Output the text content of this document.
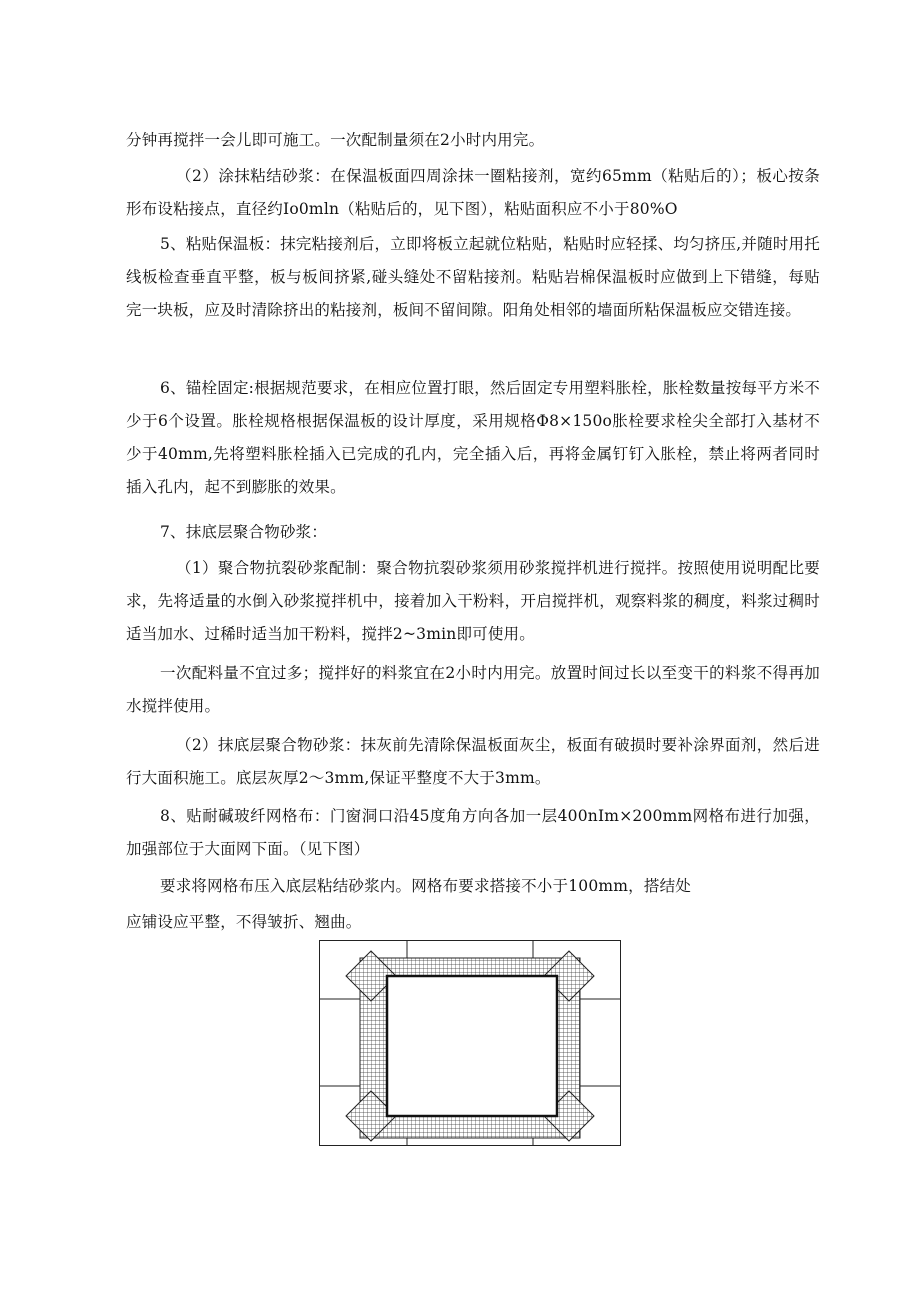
分钟再搅拌一会儿即可施工。一次配制量须在2小时内用完。
（2）涂抹粘结砂浆：在保温板面四周涂抹一圈粘接剂，宽约65mm（粘贴后的）；板心按条形布设粘接点，直径约Io0mln（粘贴后的，见下图），粘贴面积应不小于80%O
5、粘贴保温板：抹完粘接剂后，立即将板立起就位粘贴，粘贴时应轻揉、均匀挤压,并随时用托线板检查垂直平整，板与板间挤紧,碰头缝处不留粘接剂。粘贴岩棉保温板时应做到上下错缝，每贴完一块板，应及时清除挤出的粘接剂，板间不留间隙。阳角处相邻的墙面所粘保温板应交错连接。
6、锚栓固定:根据规范要求，在相应位置打眼，然后固定专用塑料胀栓，胀栓数量按每平方米不少于6个设置。胀栓规格根据保温板的设计厚度，采用规格Φ8×150o胀栓要求栓尖全部打入基材不少于40mm,先将塑料胀栓插入已完成的孔内，完全插入后，再将金属钉钉入胀栓，禁止将两者同时插入孔内，起不到膨胀的效果。
7、抹底层聚合物砂浆：
（1）聚合物抗裂砂浆配制：聚合物抗裂砂浆须用砂浆搅拌机进行搅拌。按照使用说明配比要求，先将适量的水倒入砂浆搅拌机中，接着加入干粉料，开启搅拌机，观察料浆的稠度，料浆过稠时适当加水、过稀时适当加干粉料，搅拌2~3min即可使用。
一次配料量不宜过多；搅拌好的料浆宜在2小时内用完。放置时间过长以至变干的料浆不得再加水搅拌使用。
（2）抹底层聚合物砂浆：抹灰前先清除保温板面灰尘，板面有破损时要补涂界面剂，然后进行大面积施工。底层灰厚2～3mm,保证平整度不大于3mm。
8、贴耐碱玻纤网格布：门窗洞口沿45度角方向各加一层400nIm×200mm网格布进行加强，加强部位于大面网下面。（见下图）
要求将网格布压入底层粘结砂浆内。网格布要求搭接不小于100mm，搭结处
应铺设应平整，不得皱折、翘曲。
